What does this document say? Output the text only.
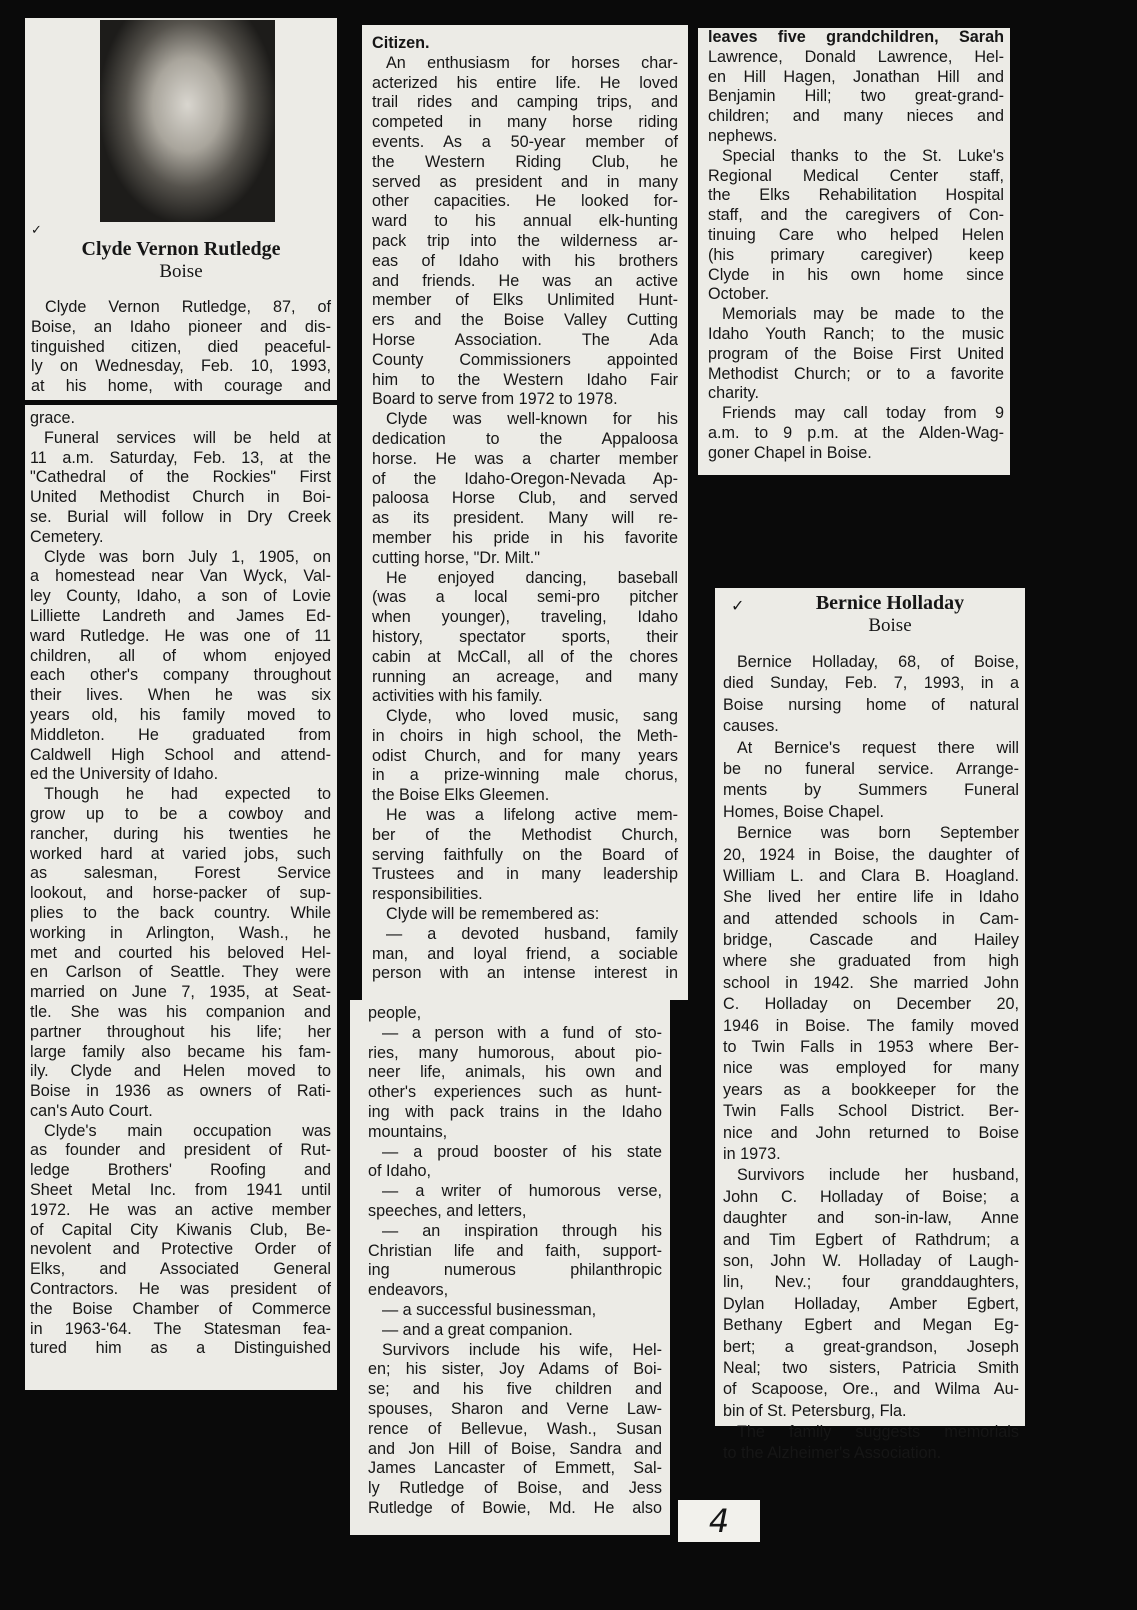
✓
Clyde Vernon Rutledge
Boise
Clyde Vernon Rutledge, 87, of
Boise, an Idaho pioneer and dis-
tinguished citizen, died peaceful-
ly on Wednesday, Feb. 10, 1993,
at his home, with courage and
grace.
Funeral services will be held at
11 a.m. Saturday, Feb. 13, at the
"Cathedral of the Rockies" First
United Methodist Church in Boi-
se. Burial will follow in Dry Creek
Cemetery.
Clyde was born July 1, 1905, on
a homestead near Van Wyck, Val-
ley County, Idaho, a son of Lovie
Lilliette Landreth and James Ed-
ward Rutledge. He was one of 11
children, all of whom enjoyed
each other's company throughout
their lives. When he was six
years old, his family moved to
Middleton. He graduated from
Caldwell High School and attend-
ed the University of Idaho.
Though he had expected to
grow up to be a cowboy and
rancher, during his twenties he
worked hard at varied jobs, such
as salesman, Forest Service
lookout, and horse-packer of sup-
plies to the back country. While
working in Arlington, Wash., he
met and courted his beloved Hel-
en Carlson of Seattle. They were
married on June 7, 1935, at Seat-
tle. She was his companion and
partner throughout his life; her
large family also became his fam-
ily. Clyde and Helen moved to
Boise in 1936 as owners of Rati-
can's Auto Court.
Clyde's main occupation was
as founder and president of Rut-
ledge Brothers' Roofing and
Sheet Metal Inc. from 1941 until
1972. He was an active member
of Capital City Kiwanis Club, Be-
nevolent and Protective Order of
Elks, and Associated General
Contractors. He was president of
the Boise Chamber of Commerce
in 1963-'64. The Statesman fea-
tured him as a Distinguished
Citizen.
An enthusiasm for horses char-
acterized his entire life. He loved
trail rides and camping trips, and
competed in many horse riding
events. As a 50-year member of
the Western Riding Club, he
served as president and in many
other capacities. He looked for-
ward to his annual elk-hunting
pack trip into the wilderness ar-
eas of Idaho with his brothers
and friends. He was an active
member of Elks Unlimited Hunt-
ers and the Boise Valley Cutting
Horse Association. The Ada
County Commissioners appointed
him to the Western Idaho Fair
Board to serve from 1972 to 1978.
Clyde was well-known for his
dedication to the Appaloosa
horse. He was a charter member
of the Idaho-Oregon-Nevada Ap-
paloosa Horse Club, and served
as its president. Many will re-
member his pride in his favorite
cutting horse, "Dr. Milt."
He enjoyed dancing, baseball
(was a local semi-pro pitcher
when younger), traveling, Idaho
history, spectator sports, their
cabin at McCall, all of the chores
running an acreage, and many
activities with his family.
Clyde, who loved music, sang
in choirs in high school, the Meth-
odist Church, and for many years
in a prize-winning male chorus,
the Boise Elks Gleemen.
He was a lifelong active mem-
ber of the Methodist Church,
serving faithfully on the Board of
Trustees and in many leadership
responsibilities.
Clyde will be remembered as:
— a devoted husband, family
man, and loyal friend, a sociable
person with an intense interest in
people,
— a person with a fund of sto-
ries, many humorous, about pio-
neer life, animals, his own and
other's experiences such as hunt-
ing with pack trains in the Idaho
mountains,
— a proud booster of his state
of Idaho,
— a writer of humorous verse,
speeches, and letters,
— an inspiration through his
Christian life and faith, support-
ing numerous philanthropic
endeavors,
— a successful businessman,
— and a great companion.
Survivors include his wife, Hel-
en; his sister, Joy Adams of Boi-
se; and his five children and
spouses, Sharon and Verne Law-
rence of Bellevue, Wash., Susan
and Jon Hill of Boise, Sandra and
James Lancaster of Emmett, Sal-
ly Rutledge of Boise, and Jess
Rutledge of Bowie, Md. He also
leaves five grandchildren, Sarah
Lawrence, Donald Lawrence, Hel-
en Hill Hagen, Jonathan Hill and
Benjamin Hill; two great-grand-
children; and many nieces and
nephews.
Special thanks to the St. Luke's
Regional Medical Center staff,
the Elks Rehabilitation Hospital
staff, and the caregivers of Con-
tinuing Care who helped Helen
(his primary caregiver) keep
Clyde in his own home since
October.
Memorials may be made to the
Idaho Youth Ranch; to the music
program of the Boise First United
Methodist Church; or to a favorite
charity.
Friends may call today from 9
a.m. to 9 p.m. at the Alden-Wag-
goner Chapel in Boise.
✓	Bernice Holladay
Boise
Bernice Holladay, 68, of Boise,
died Sunday, Feb. 7, 1993, in a
Boise nursing home of natural
causes.
At Bernice's request there will
be no funeral service. Arrange-
ments by Summers Funeral
Homes, Boise Chapel.
Bernice was born September
20, 1924 in Boise, the daughter of
William L. and Clara B. Hoagland.
She lived her entire life in Idaho
and attended schools in Cam-
bridge, Cascade and Hailey
where she graduated from high
school in 1942. She married John
C. Holladay on December 20,
1946 in Boise. The family moved
to Twin Falls in 1953 where Ber-
nice was employed for many
years as a bookkeeper for the
Twin Falls School District. Ber-
nice and John returned to Boise
in 1973.
Survivors include her husband,
John C. Holladay of Boise; a
daughter and son-in-law, Anne
and Tim Egbert of Rathdrum; a
son, John W. Holladay of Laugh-
lin, Nev.; four granddaughters,
Dylan Holladay, Amber Egbert,
Bethany Egbert and Megan Eg-
bert; a great-grandson, Joseph
Neal; two sisters, Patricia Smith
of Scapoose, Ore., and Wilma Au-
bin of St. Petersburg, Fla.
The family suggests memorials
to the Alzheimer's Association.
4
